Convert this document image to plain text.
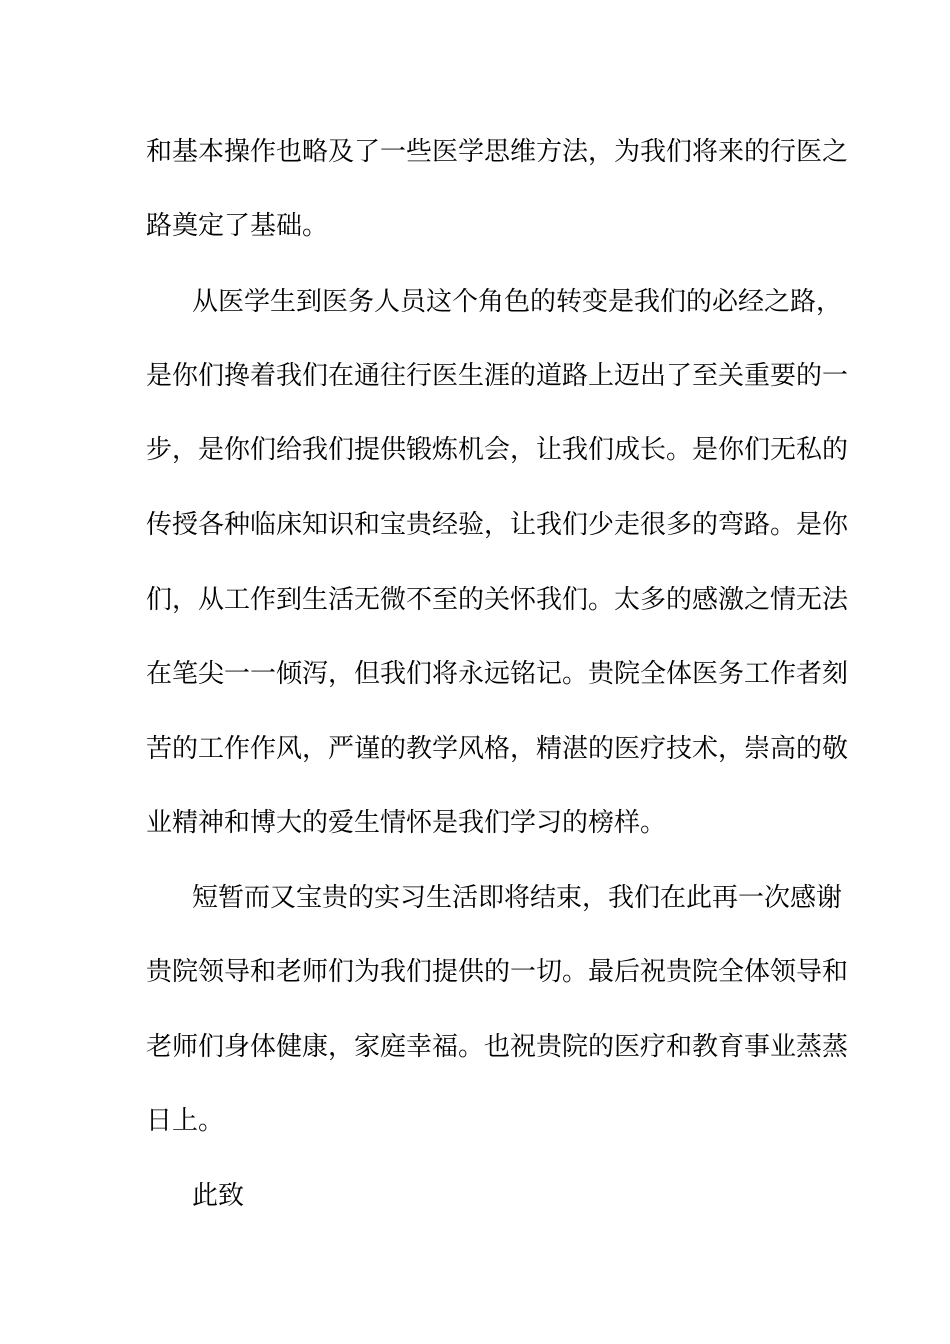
和基本操作也略及了一些医学思维方法，为我们将来的行医之
路奠定了基础。
从医学生到医务人员这个角色的转变是我们的必经之路，
是你们搀着我们在通往行医生涯的道路上迈出了至关重要的一
步，是你们给我们提供锻炼机会，让我们成长。是你们无私的
传授各种临床知识和宝贵经验，让我们少走很多的弯路。是你
们，从工作到生活无微不至的关怀我们。太多的感激之情无法
在笔尖一一倾泻，但我们将永远铭记。贵院全体医务工作者刻
苦的工作作风，严谨的教学风格，精湛的医疗技术，崇高的敬
业精神和博大的爱生情怀是我们学习的榜样。
短暂而又宝贵的实习生活即将结束，我们在此再一次感谢
贵院领导和老师们为我们提供的一切。最后祝贵院全体领导和
老师们身体健康，家庭幸福。也祝贵院的医疗和教育事业蒸蒸
日上。
此致
